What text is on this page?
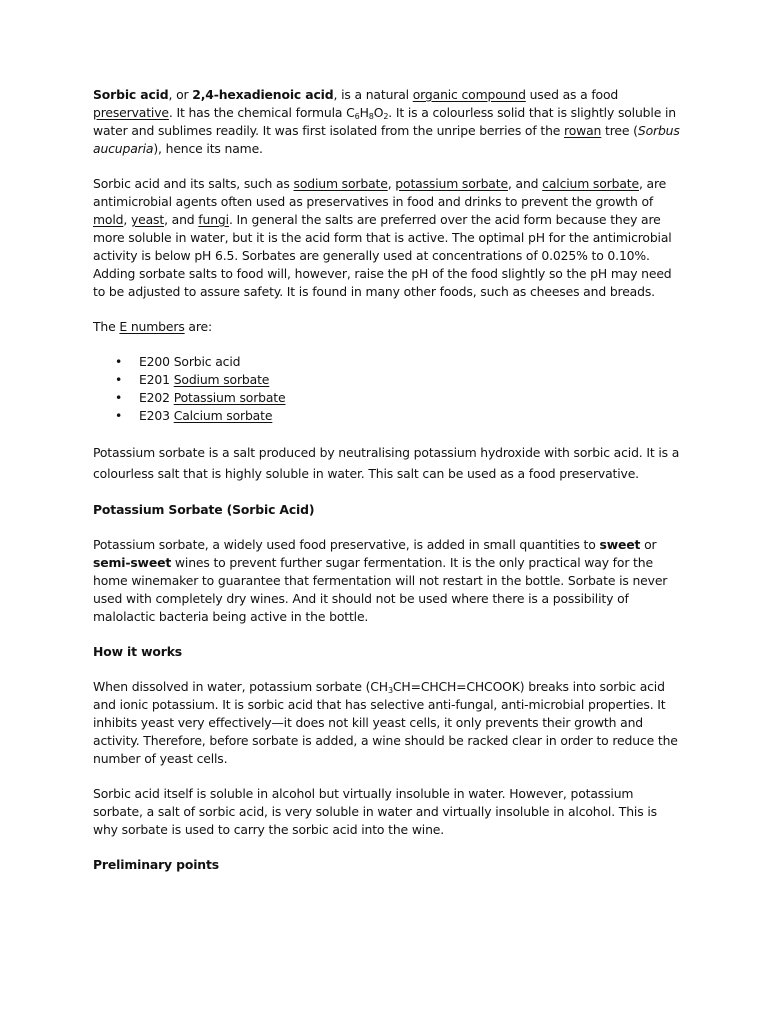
Sorbic acid, or 2,4-hexadienoic acid, is a natural organic compound used as a food preservative. It has the chemical formula $C_6H_8O_2$. It is a colourless solid that is slightly soluble in water and sublimes readily. It was first isolated from the unripe berries of the rowan tree (Sorbus aucuparia), hence its name.

Sorbic acid and its salts, such as sodium sorbate, potassium sorbate, and calcium sorbate, are antimicrobial agents often used as preservatives in food and drinks to prevent the growth of mold, yeast, and fungi. In general the salts are preferred over the acid form because they are more soluble in water, but it is the acid form that is active. The optimal pH for the antimicrobial activity is below pH 6.5. Sorbates are generally used at concentrations of 0.025% to 0.10%. Adding sorbate salts to food will, however, raise the pH of the food slightly so the pH may need to be adjusted to assure safety. It is found in many other foods, such as cheeses and breads.

The E numbers are:

• E200 Sorbic acid
• E201 Sodium sorbate
• E202 Potassium sorbate
• E203 Calcium sorbate

Potassium sorbate is a salt produced by neutralising potassium hydroxide with sorbic acid. It is a colourless salt that is highly soluble in water. This salt can be used as a food preservative.

Potassium Sorbate (Sorbic Acid)

Potassium sorbate, a widely used food preservative, is added in small quantities to sweet or semi-sweet wines to prevent further sugar fermentation. It is the only practical way for the home winemaker to guarantee that fermentation will not restart in the bottle. Sorbate is never used with completely dry wines. And it should not be used where there is a possibility of malolactic bacteria being active in the bottle.

How it works

When dissolved in water, potassium sorbate $(CH_3CH=CHCH=CHCOOK)$ breaks into sorbic acid and ionic potassium. It is sorbic acid that has selective anti-fungal, anti-microbial properties. It inhibits yeast very effectively—it does not kill yeast cells, it only prevents their growth and activity. Therefore, before sorbate is added, a wine should be racked clear in order to reduce the number of yeast cells.

Sorbic acid itself is soluble in alcohol but virtually insoluble in water. However, potassium sorbate, a salt of sorbic acid, is very soluble in water and virtually insoluble in alcohol. This is why sorbate is used to carry the sorbic acid into the wine.

Preliminary points
